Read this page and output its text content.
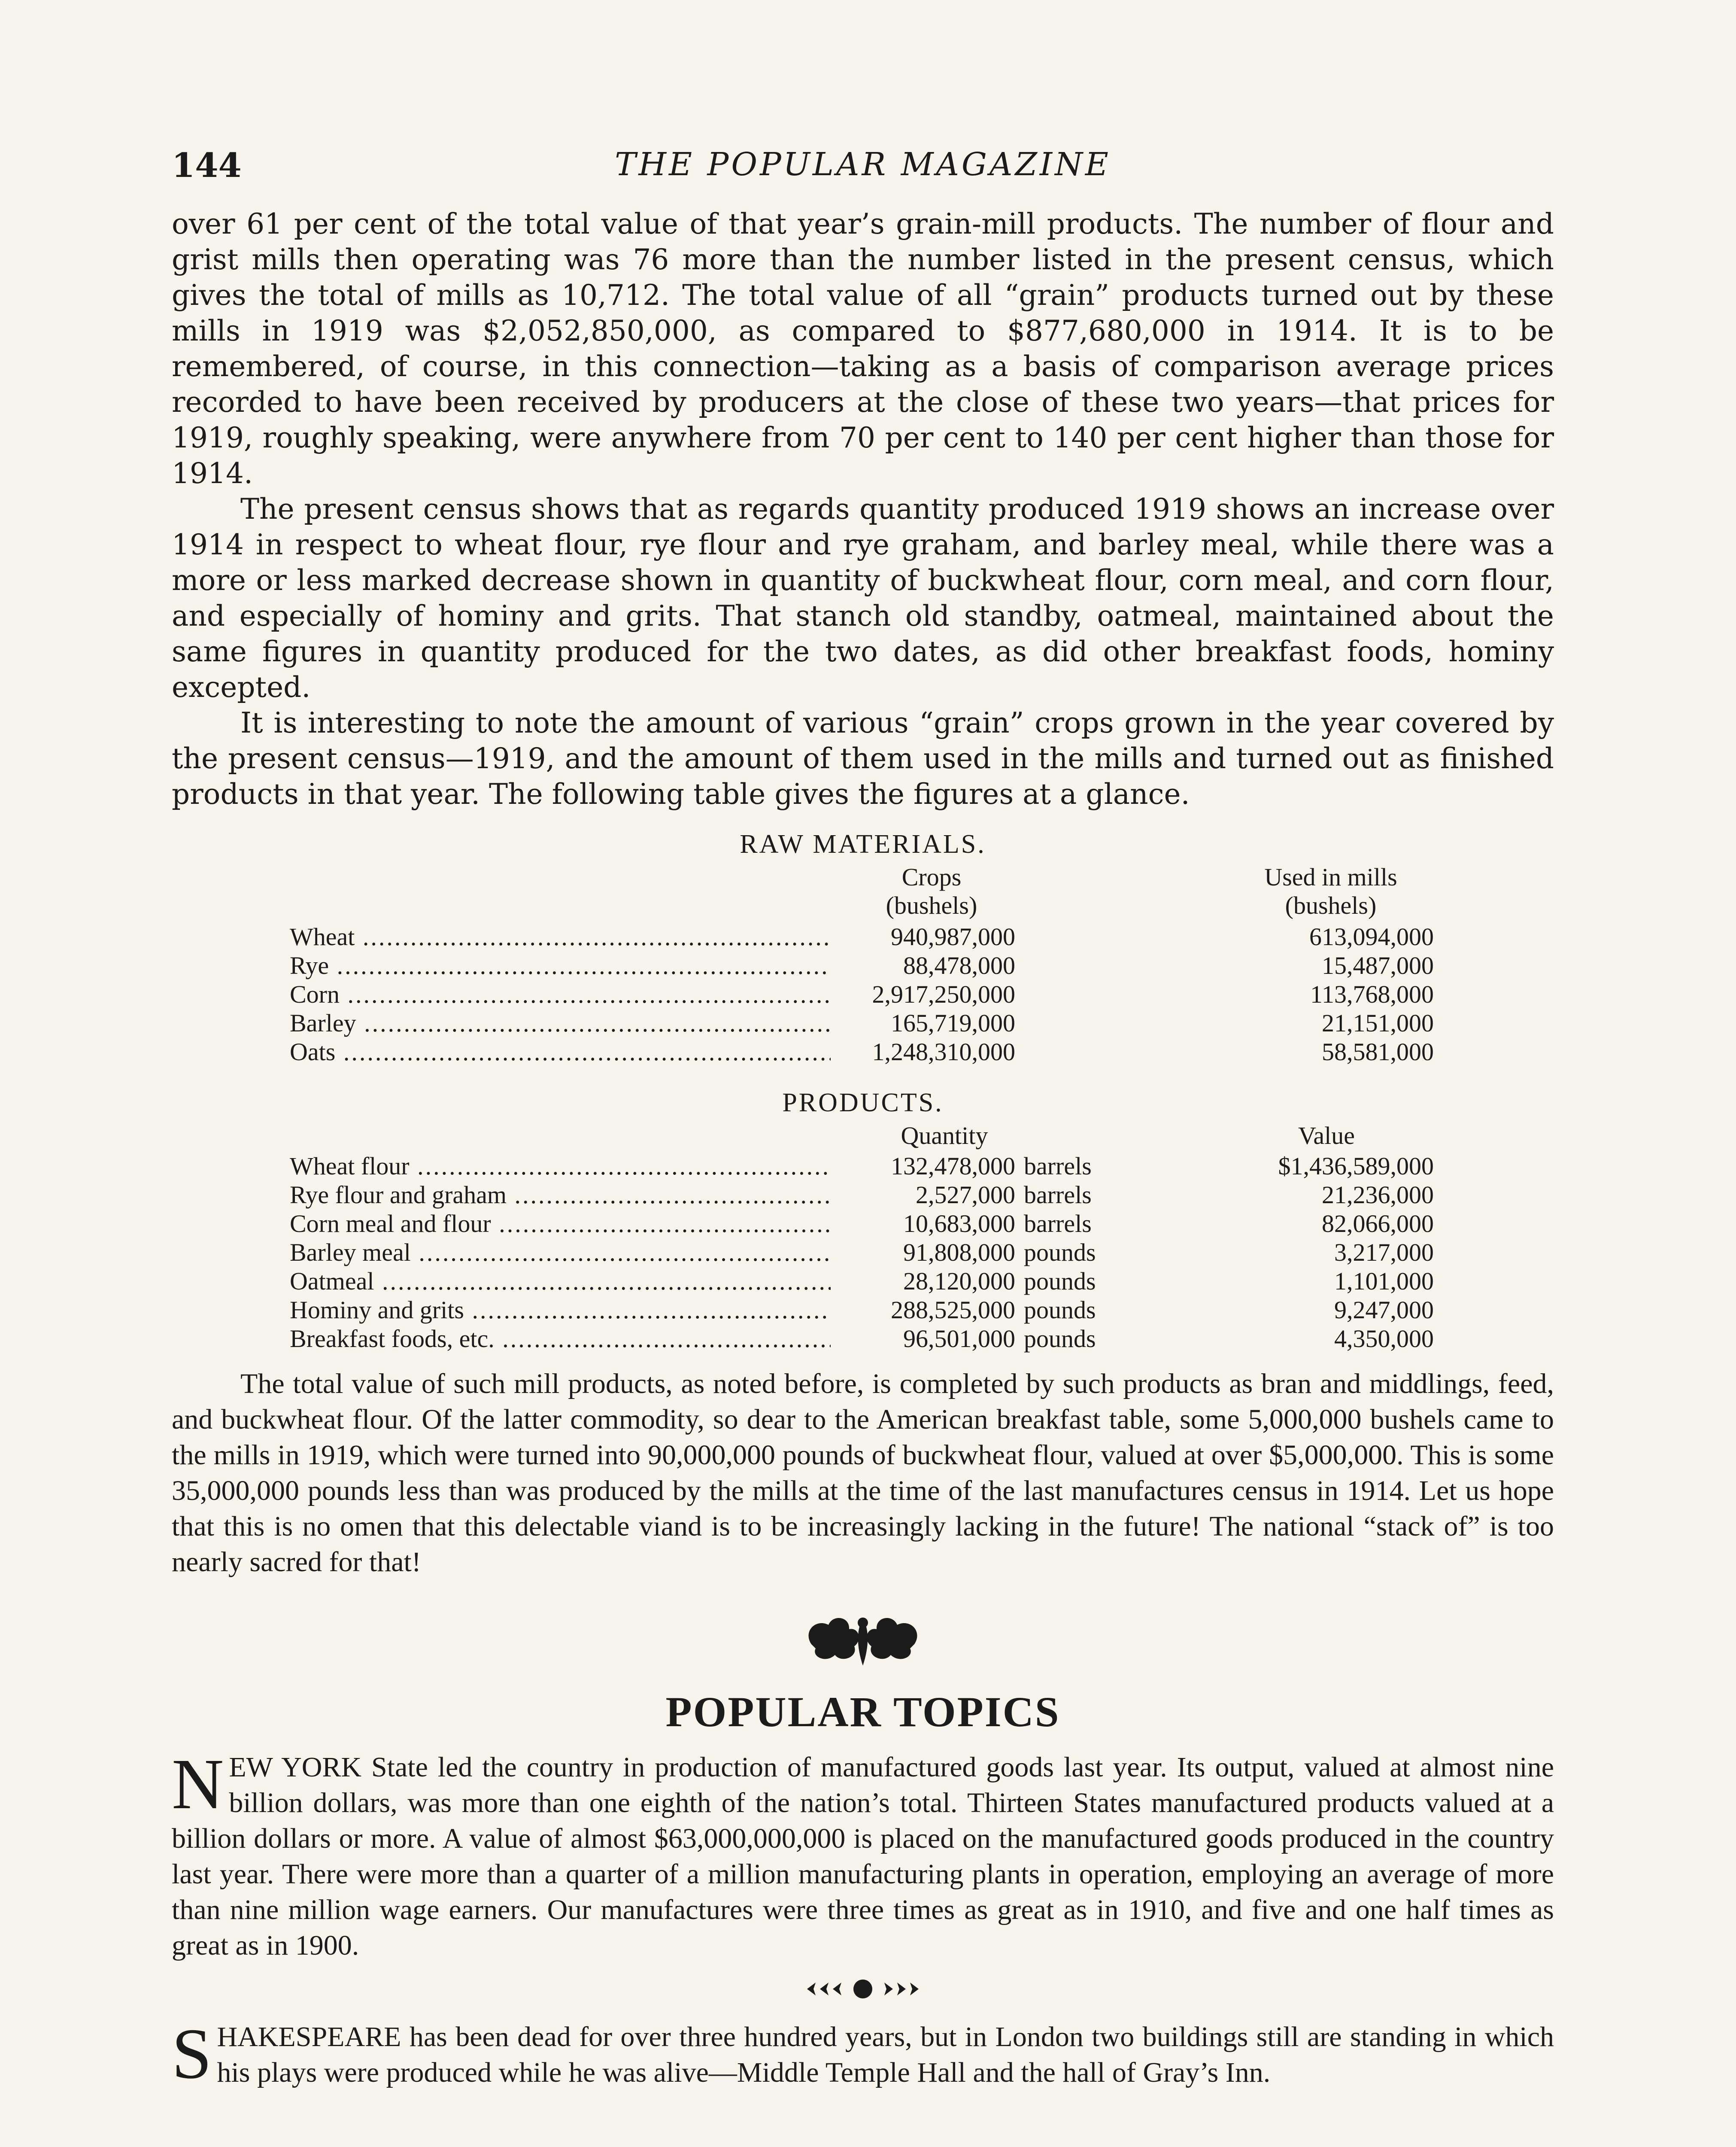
144	THE POPULAR MAGAZINE

over 61 per cent of the total value of that year’s grain-mill products. The number of flour and grist mills then operating was 76 more than the number listed in the present census, which gives the total of mills as 10,712. The total value of all “grain” products turned out by these mills in 1919 was $2,052,850,000, as compared to $877,680,000 in 1914. It is to be remembered, of course, in this connection—taking as a basis of comparison average prices recorded to have been received by producers at the close of these two years—that prices for 1919, roughly speaking, were anywhere from 70 per cent to 140 per cent higher than those for 1914.

The present census shows that as regards quantity produced 1919 shows an increase over 1914 in respect to wheat flour, rye flour and rye graham, and barley meal, while there was a more or less marked decrease shown in quantity of buckwheat flour, corn meal, and corn flour, and especially of hominy and grits. That stanch old standby, oatmeal, maintained about the same figures in quantity produced for the two dates, as did other breakfast foods, hominy excepted.

It is interesting to note the amount of various “grain” crops grown in the year covered by the present census—1919, and the amount of them used in the mills and turned out as finished products in that year. The following table gives the figures at a glance.

RAW MATERIALS.
Crops
(bushels)
Used in mills
(bushels)
Wheat .....	940,987,000	613,094,000
Rye .....	88,478,000	15,487,000
Corn .....	2,917,250,000	113,768,000
Barley .....	165,719,000	21,151,000
Oats .....	1,248,310,000	58,581,000
PRODUCTS.
Quantity	Value
Wheat flour .....	132,478,000 barrels	$1,436,589,000
Rye flour and graham .....	2,527,000 barrels	21,236,000
Corn meal and flour .....	10,683,000 barrels	82,066,000
Barley meal .....	91,808,000 pounds	3,217,000
Oatmeal .....	28,120,000 pounds	1,101,000
Hominy and grits .....	288,525,000 pounds	9,247,000
Breakfast foods, etc. .....	96,501,000 pounds	4,350,000

The total value of such mill products, as noted before, is completed by such products as bran and middlings, feed, and buckwheat flour. Of the latter commodity, so dear to the American breakfast table, some 5,000,000 bushels came to the mills in 1919, which were turned into 90,000,000 pounds of buckwheat flour, valued at over $5,000,000. This is some 35,000,000 pounds less than was produced by the mills at the time of the last manufactures census in 1914. Let us hope that this is no omen that this delectable viand is to be increasingly lacking in the future! The national “stack of” is too nearly sacred for that!

POPULAR TOPICS

NEW YORK State led the country in production of manufactured goods last year. Its output, valued at almost nine billion dollars, was more than one eighth of the nation’s total. Thirteen States manufactured products valued at a billion dollars or more. A value of almost $63,000,000,000 is placed on the manufactured goods produced in the country last year. There were more than a quarter of a million manufacturing plants in operation, employing an average of more than nine million wage earners. Our manufactures were three times as great as in 1910, and five and one half times as great as in 1900.

SHAKESPEARE has been dead for over three hundred years, but in London two buildings still are standing in which his plays were produced while he was alive—Middle Temple Hall and the hall of Gray’s Inn.
